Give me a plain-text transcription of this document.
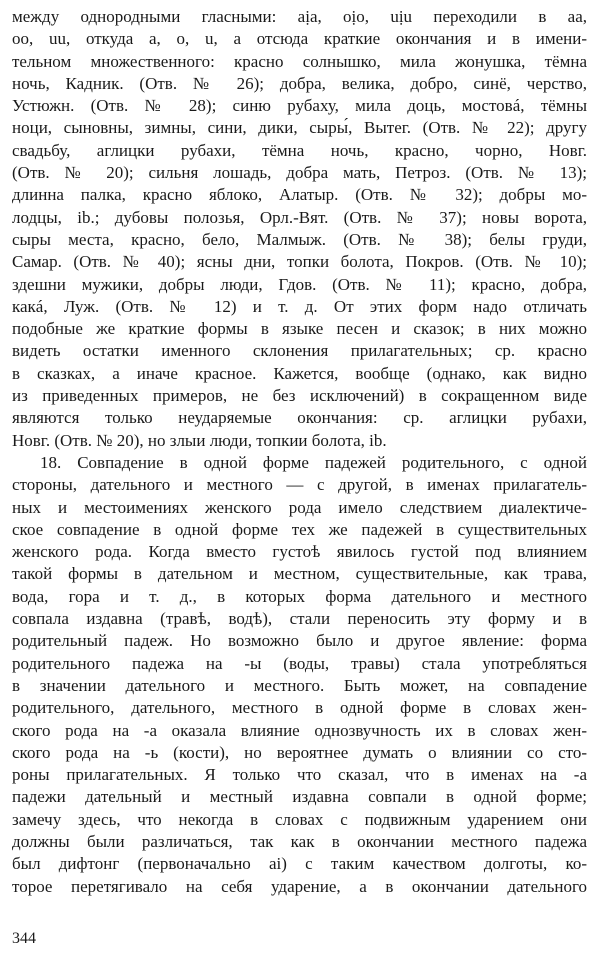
между однородными гласными: aịa, oịo, uịu переходили в aa,
oo, uu, откуда a, o, u, а отсюда краткие окончания и в имени-
тельном множественного: красно солнышко, мила жонушка, тёмна
ночь, Кадник. (Отв. № 26); добра, велика, добро, синё, черство,
Устюжн. (Отв. № 28); синю рубаху, мила доць, мостовá, тёмны
ноци, сыновны, зимны, сини, дики, сыры́, Вытег. (Отв. № 22); другу
свадьбу, аглицки рубахи, тёмна ночь, красно, чорно, Новг.
(Отв. № 20); сильня лошадь, добра мать, Петроз. (Отв. № 13);
длинна палка, красно яблоко, Алатыр. (Отв. № 32); добры мо-
лодцы, ib.; дубовы полозья, Орл.-Вят. (Отв. № 37); новы ворота,
сыры места, красно, бело, Малмыж. (Отв. № 38); белы груди,
Самар. (Отв. № 40); ясны дни, топки болота, Покров. (Отв. № 10);
здешни мужики, добры люди, Гдов. (Отв. № 11); красно, добра,
какá, Луж. (Отв. № 12) и т. д. От этих форм надо отличать
подобные же краткие формы в языке песен и сказок; в них можно
видеть остатки именного склонения прилагательных; ср. красно
в сказках, а иначе красное. Кажется, вообще (однако, как видно
из приведенных примеров, не без исключений) в сокращенном виде
являются только неударяемые окончания: ср. аглицки рубахи,
Новг. (Отв. № 20), но злыи люди, топкии болота, ib.
18. Совпадение в одной форме падежей родительного, с одной
стороны, дательного и местного — с другой, в именах прилагатель-
ных и местоимениях женского рода имело следствием диалектиче-
ское совпадение в одной форме тех же падежей в существительных
женского рода. Когда вместо густоѣ явилось густой под влиянием
такой формы в дательном и местном, существительные, как трава,
вода, гора и т. д., в которых форма дательного и местного
совпала издавна (травѣ, водѣ), стали переносить эту форму и в
родительный падеж. Но возможно было и другое явление: форма
родительного падежа на -ы (воды, травы) стала употребляться
в значении дательного и местного. Быть может, на совпадение
родительного, дательного, местного в одной форме в словах жен-
ского рода на -а оказала влияние однозвучность их в словах жен-
ского рода на -ь (кости), но вероятнее думать о влиянии со сто-
роны прилагательных. Я только что сказал, что в именах на -а
падежи дательный и местный издавна совпали в одной форме;
замечу здесь, что некогда в словах с подвижным ударением они
должны были различаться, так как в окончании местного падежа
был дифтонг (первоначально ai) с таким качеством долготы, ко-
торое перетягивало на себя ударение, а в окончании дательного
344
